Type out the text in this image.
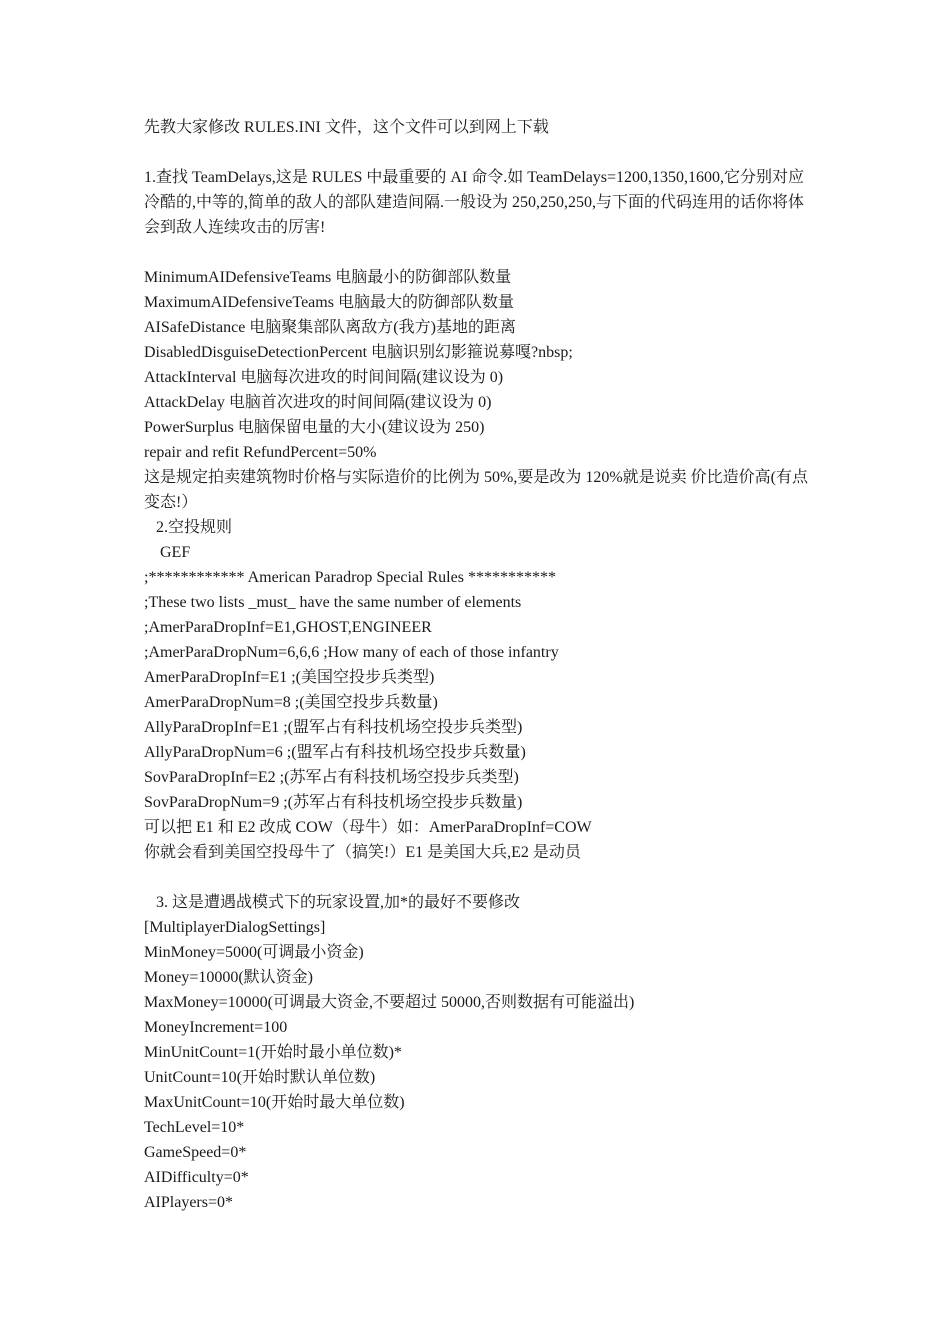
先教大家修改 RULES.INI 文件，这个文件可以到网上下载
1.查找 TeamDelays,这是 RULES 中最重要的 AI 命令.如 TeamDelays=1200,1350,1600,它分别对应冷酷的,中等的,简单的敌人的部队建造间隔.一般设为 250,250,250,与下面的代码连用的话你将体会到敌人连续攻击的厉害!
MinimumAIDefensiveTeams 电脑最小的防御部队数量
MaximumAIDefensiveTeams 电脑最大的防御部队数量
AISafeDistance 电脑聚集部队离敌方(我方)基地的距离
DisabledDisguiseDetectionPercent 电脑识别幻影箍说募嘎?nbsp;
AttackInterval 电脑每次进攻的时间间隔(建议设为 0)
AttackDelay 电脑首次进攻的时间间隔(建议设为 0)
PowerSurplus 电脑保留电量的大小(建议设为 250)
repair and refit RefundPercent=50%
这是规定拍卖建筑物时价格与实际造价的比例为 50%,要是改为 120%就是说卖 价比造价高(有点变态!）
2.空投规则
GEF
;************ American Paradrop Special Rules ***********
;These two lists _must_ have the same number of elements
;AmerParaDropInf=E1,GHOST,ENGINEER
;AmerParaDropNum=6,6,6 ;How many of each of those infantry
AmerParaDropInf=E1 ;(美国空投步兵类型)
AmerParaDropNum=8 ;(美国空投步兵数量)
AllyParaDropInf=E1 ;(盟军占有科技机场空投步兵类型)
AllyParaDropNum=6 ;(盟军占有科技机场空投步兵数量)
SovParaDropInf=E2 ;(苏军占有科技机场空投步兵类型)
SovParaDropNum=9 ;(苏军占有科技机场空投步兵数量)
可以把 E1 和 E2 改成 COW（母牛）如：AmerParaDropInf=COW
你就会看到美国空投母牛了（搞笑!）E1 是美国大兵,E2 是动员
3. 这是遭遇战模式下的玩家设置,加*的最好不要修改
[MultiplayerDialogSettings]
MinMoney=5000(可调最小资金)
Money=10000(默认资金)
MaxMoney=10000(可调最大资金,不要超过 50000,否则数据有可能溢出)
MoneyIncrement=100
MinUnitCount=1(开始时最小单位数)*
UnitCount=10(开始时默认单位数)
MaxUnitCount=10(开始时最大单位数)
TechLevel=10*
GameSpeed=0*
AIDifficulty=0*
AIPlayers=0*
